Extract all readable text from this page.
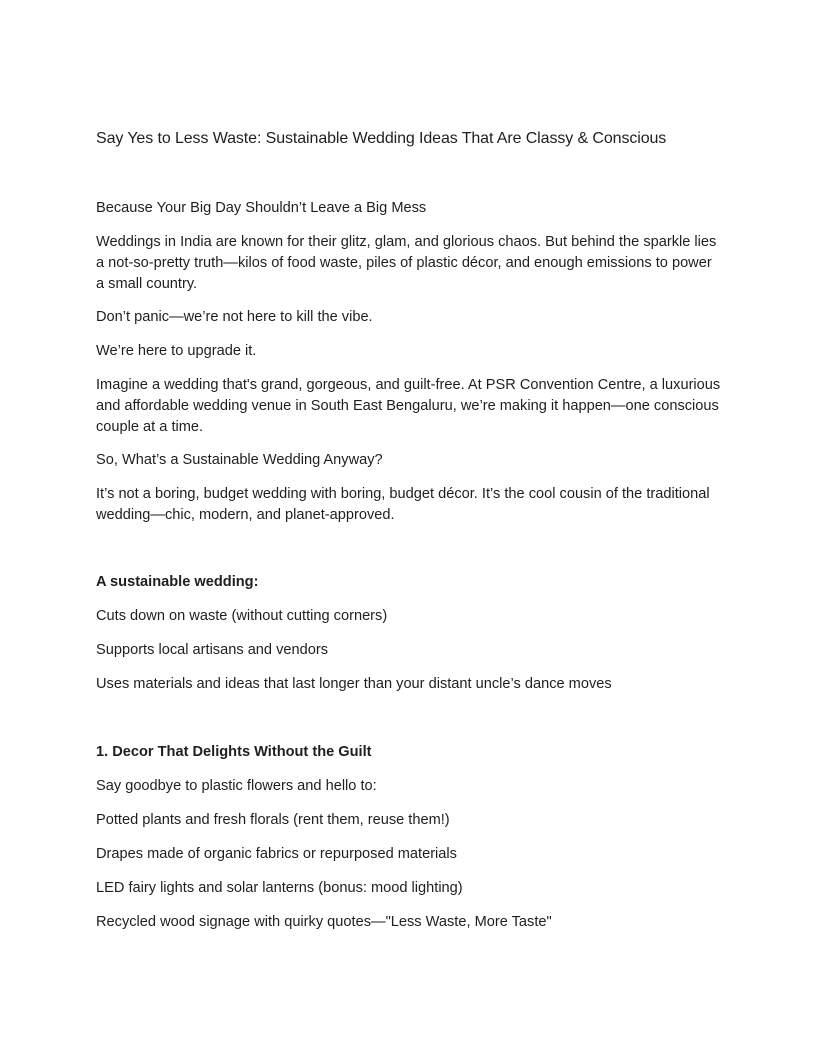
Say Yes to Less Waste: Sustainable Wedding Ideas That Are Classy & Conscious

Because Your Big Day Shouldn’t Leave a Big Mess

Weddings in India are known for their glitz, glam, and glorious chaos. But behind the sparkle lies a not-so-pretty truth—kilos of food waste, piles of plastic décor, and enough emissions to power a small country.

Don’t panic—we’re not here to kill the vibe.

We’re here to upgrade it.

Imagine a wedding that's grand, gorgeous, and guilt-free. At PSR Convention Centre, a luxurious and affordable wedding venue in South East Bengaluru, we’re making it happen—one conscious couple at a time.

So, What’s a Sustainable Wedding Anyway?

It’s not a boring, budget wedding with boring, budget décor. It’s the cool cousin of the traditional wedding—chic, modern, and planet-approved.

A sustainable wedding:

Cuts down on waste (without cutting corners)

Supports local artisans and vendors

Uses materials and ideas that last longer than your distant uncle’s dance moves

1. Decor That Delights Without the Guilt

Say goodbye to plastic flowers and hello to:

Potted plants and fresh florals (rent them, reuse them!)

Drapes made of organic fabrics or repurposed materials

LED fairy lights and solar lanterns (bonus: mood lighting)

Recycled wood signage with quirky quotes—"Less Waste, More Taste"
